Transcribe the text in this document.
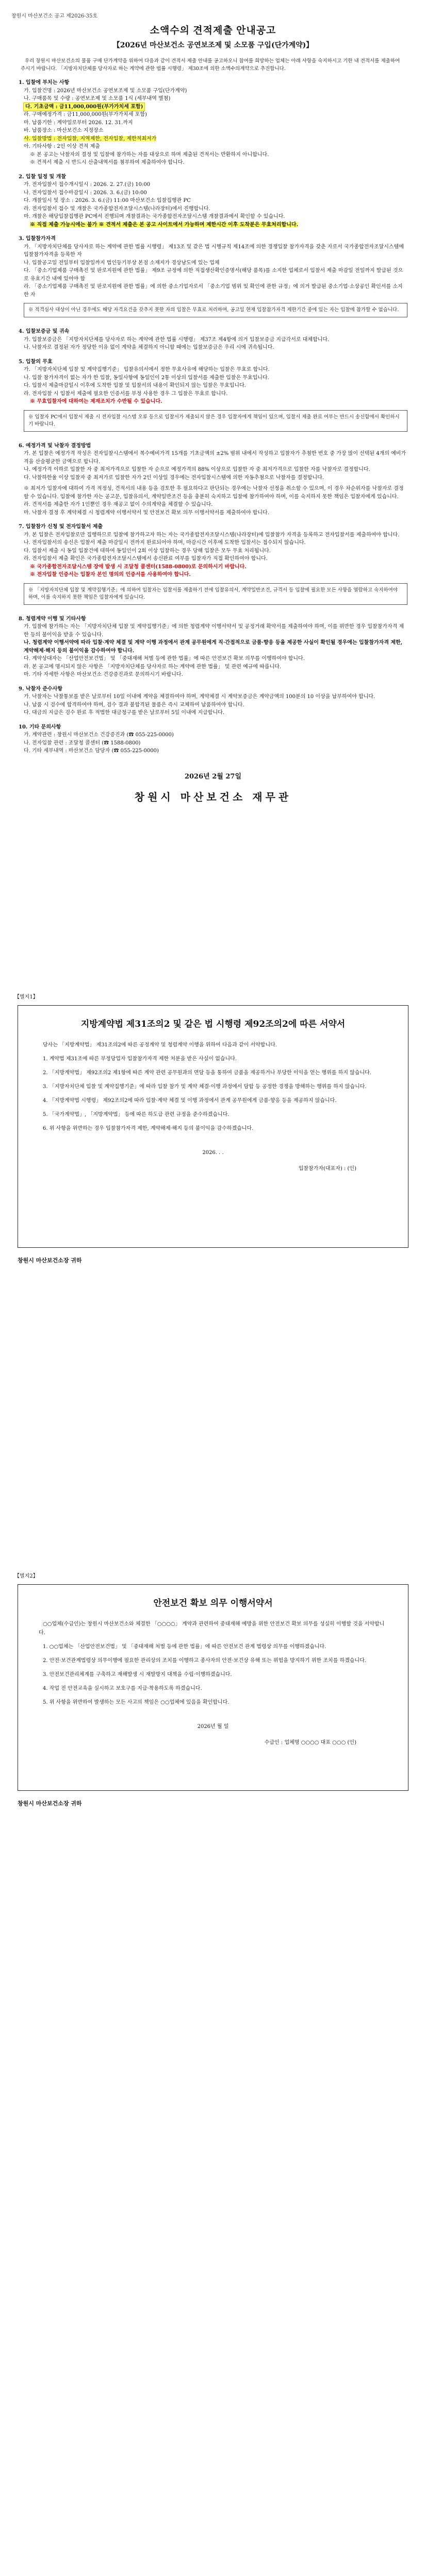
창원시 마산보건소 공고 제2026-35호
소액수의 견적제출 안내공고
【2026년 마산보건소 공연보조제 및 소모품 구입(단가계약)】
우리 창원시 마산보건소의 물품 구매 단가계약을 위하여 다음과 같이 견적서 제출 안내를 공고하오니 참여를 희망하는 업체는 아래 사항을 숙지하시고 기한 내 견적서를 제출하여 주시기 바랍니다. 「지방자치단체를 당사자로 하는 계약에 관한 법률 시행령」 제30조에 의한 소액수의계약으로 추진합니다.
1. 입찰에 부치는 사항
가. 입찰건명 : 2026년 마산보건소 공연보조제 및 소모품 구입(단가계약)
나. 구매품목 및 수량 : 공연보조제 및 소모품 1식 (세부내역 별첨)
다. 기초금액 : 금11,000,000원(부가가치세 포함)
라. 구매예정가격 : 금11,000,000원(부가가치세 포함)
마. 납품기한 : 계약일로부터 2026. 12. 31.까지
바. 납품장소 : 마산보건소 지정장소
사. 입찰방법 : 전자입찰, 지역제한, 전자입찰, 제한적최저가
아. 기타사항 : 2인 이상 견적 제출
※ 본 공고는 낙찰자의 결정 및 입찰에 참가하는 자를 대상으로 하며 제출된 견적서는 반환하지 아니합니다.
※ 견적서 제출 시 반드시 산출내역서를 첨부하여 제출하여야 합니다.
2. 입찰 일정 및 개찰
가. 전자입찰서 접수개시일시 : 2026. 2. 27.(금) 10:00
나. 전자입찰서 접수마감일시 : 2026. 3. 6.(금) 10:00
다. 개찰일시 및 장소 : 2026. 3. 6.(금) 11:00 마산보건소 입찰집행관 PC
라. 전자입찰서 접수 및 개찰은 국가종합전자조달시스템(나라장터)에서 진행합니다.
마. 개찰은 해당입찰집행관 PC에서 진행되며 개찰결과는 국가종합전자조달시스템 개찰결과에서 확인할 수 있습니다.
※ 직접 제출 가능시에는 불가 ※ 견적서 제출은 본 공고 사이트에서 가능하며 제한시간 이후 도착분은 무효처리합니다.
3. 입찰참가자격
가. 「지방자치단체를 당사자로 하는 계약에 관한 법률 시행령」 제13조 및 같은 법 시행규칙 제14조에 의한 경쟁입찰 참가자격을 갖춘 자로서 국가종합전자조달시스템에 입찰참가자격을 등록한 자
나. 입찰공고일 전일부터 입찰일까지 법인등기부상 본점 소재지가 경상남도에 있는 업체
다. 「중소기업제품 구매촉진 및 판로지원에 관한 법률」 제9조 규정에 의한 직접생산확인증명서(해당 품목)를 소지한 업체로서 입찰서 제출 마감일 전일까지 발급된 것으로 유효기간 내에 있어야 함
라. 「중소기업제품 구매촉진 및 판로지원에 관한 법률」에 의한 중소기업자로서 「중소기업 범위 및 확인에 관한 규정」에 의거 발급된 중소기업·소상공인 확인서를 소지한 자
※ 적격심사 대상이 아닌 경우에도 해당 자격요건을 갖추지 못한 자의 입찰은 무효로 처리하며, 공고일 현재 입찰참가자격 제한기간 중에 있는 자는 입찰에 참가할 수 없습니다.
4. 입찰보증금 및 귀속
가. 입찰보증금은 「지방자치단체를 당사자로 하는 계약에 관한 법률 시행령」 제37조 제4항에 의거 입찰보증금 지급각서로 대체합니다.
나. 낙찰자로 결정된 자가 정당한 이유 없이 계약을 체결하지 아니할 때에는 입찰보증금은 우리 시에 귀속됩니다.
5. 입찰의 무효
가. 「지방자치단체 입찰 및 계약집행기준」 입찰유의서에서 정한 무효사유에 해당하는 입찰은 무효로 합니다.
나. 입찰 참가자격이 없는 자가 한 입찰, 동일사항에 동일인이 2통 이상의 입찰서를 제출한 입찰은 무효입니다.
다. 입찰서 제출마감일시 이후에 도착한 입찰 및 입찰서의 내용이 확인되지 않는 입찰은 무효입니다.
라. 전자입찰 시 입찰서 제출에 필요한 인증서를 부정 사용한 경우 그 입찰은 무효로 합니다.
※ 무효입찰자에 대하여는 제재조치가 수반될 수 있습니다.
※ 입찰자 PC에서 입찰서 제출 시 전자입찰 시스템 오류 등으로 입찰서가 제출되지 않은 경우 입찰자에게 책임이 있으며, 입찰서 제출 완료 여부는 반드시 송신함에서 확인하시기 바랍니다.
6. 예정가격 및 낙찰자 결정방법
가. 본 입찰은 예정가격 작성은 전자입찰시스템에서 복수예비가격 15개를 기초금액의 ±2% 범위 내에서 작성하고 입찰자가 추첨한 번호 중 가장 많이 선택된 4개의 예비가격을 산술평균한 금액으로 합니다.
나. 예정가격 이하로 입찰한 자 중 최저가격으로 입찰한 자 순으로 예정가격의 88% 이상으로 입찰한 자 중 최저가격으로 입찰한 자를 낙찰자로 결정합니다.
다. 낙찰하한율 이상 입찰자 중 최저가로 입찰한 자가 2인 이상일 경우에는 전자입찰시스템에 의한 자동추첨으로 낙찰자를 결정합니다.
※ 최저가 입찰자에 대하여 가격 적정성, 견적서의 내용 등을 검토한 후 필요하다고 판단되는 경우에는 낙찰자 선정을 취소할 수 있으며, 이 경우 차순위자를 낙찰자로 결정할 수 있습니다. 입찰에 참가한 자는 공고문, 입찰유의서, 계약일반조건 등을 충분히 숙지하고 입찰에 참가하여야 하며, 이를 숙지하지 못한 책임은 입찰자에게 있습니다.
라. 견적서를 제출한 자가 1인뿐인 경우 재공고 없이 수의계약을 체결할 수 있습니다.
마. 낙찰자 결정 후 계약체결 시 청렴계약 이행서약서 및 안전보건 확보 의무 이행서약서를 제출하여야 합니다.
7. 입찰참가 신청 및 전자입찰서 제출
가. 본 입찰은 전자입찰로만 집행하므로 입찰에 참가하고자 하는 자는 국가종합전자조달시스템(나라장터)에 입찰참가 자격을 등록하고 전자입찰서를 제출하여야 합니다.
나. 전자입찰서의 송신은 입찰서 제출 마감일시 전까지 완료되어야 하며, 마감시간 이후에 도착한 입찰서는 접수되지 않습니다.
다. 입찰서 제출 시 동일 입찰건에 대하여 동일인이 2회 이상 입찰하는 경우 당해 입찰은 모두 무효 처리됩니다.
라. 전자입찰서 제출 확인은 국가종합전자조달시스템에서 송신완료 여부를 입찰자가 직접 확인하여야 합니다.
※ 국가종합전자조달시스템 장애 발생 시 조달청 콜센터(1588-0800)로 문의하시기 바랍니다.
※ 전자입찰 인증서는 입찰자 본인 명의의 인증서를 사용하여야 합니다.
※ 「지방자치단체 입찰 및 계약집행기준」에 의하여 입찰자는 입찰서를 제출하기 전에 입찰유의서, 계약일반조건, 규격서 등 입찰에 필요한 모든 사항을 열람하고 숙지하여야 하며, 이를 숙지하지 못한 책임은 입찰자에게 있습니다.
8. 청렴계약 이행 및 기타사항
가. 입찰에 참가하는 자는 「지방자치단체 입찰 및 계약집행기준」에 의한 청렴계약 이행서약서 및 공정거래 확약서를 제출하여야 하며, 이를 위반한 경우 입찰참가자격 제한 등의 불이익을 받을 수 있습니다.
나. 청렴계약 이행서약에 따라 입찰·계약 체결 및 계약 이행 과정에서 관계 공무원에게 직·간접적으로 금품·향응 등을 제공한 사실이 확인될 경우에는 입찰참가자격 제한, 계약해제·해지 등의 불이익을 감수하여야 합니다.
다. 계약상대자는 「산업안전보건법」 및 「중대재해 처벌 등에 관한 법률」에 따른 안전보건 확보 의무를 이행하여야 합니다.
라. 본 공고에 명시되지 않은 사항은 「지방자치단체를 당사자로 하는 계약에 관한 법률」 및 관련 예규에 따릅니다.
마. 기타 자세한 사항은 마산보건소 건강증진과로 문의하시기 바랍니다.
9. 낙찰자 준수사항
가. 낙찰자는 낙찰통보를 받은 날로부터 10일 이내에 계약을 체결하여야 하며, 계약체결 시 계약보증금은 계약금액의 100분의 10 이상을 납부하여야 합니다.
나. 납품 시 검수에 합격하여야 하며, 검수 결과 불합격된 물품은 즉시 교체하여 납품하여야 합니다.
다. 대금의 지급은 검수 완료 후 적법한 대금청구를 받은 날로부터 5일 이내에 지급합니다.
10. 기타 문의사항
가. 계약관련 : 창원시 마산보건소 건강증진과 (☎ 055-225-0000)
나. 전자입찰 관련 : 조달청 콜센터 (☎ 1588-0800)
다. 기타 세부내역 : 마산보건소 담당자 (☎ 055-225-0000)
2026년 2월 27일
창원시 마산보건소 재무관
【별지1】
지방계약법 제31조의2 및 같은 법 시행령 제92조의2에 따른 서약서

당사는 「지방계약법」 제31조의2에 따른 공정계약 및 청렴계약 이행을 위하여 다음과 같이 서약합니다.

1. 계약법 제31조에 따른 부정당업자 입찰참가자격 제한 처분을 받은 사실이 없습니다.

2. 「지방계약법」 제92조의2 제1항에 따른 계약 관련 공무원과의 면담 등을 통하여 금품을 제공하거나 부당한 이익을 얻는 행위를 하지 않습니다.

3. 「지방자치단체 입찰 및 계약집행기준」에 따라 입찰 참가 및 계약 체결·이행 과정에서 담합 등 공정한 경쟁을 방해하는 행위를 하지 않습니다.

4. 「지방계약법 시행령」 제92조의2에 따라 입찰·계약 체결 및 이행 과정에서 관계 공무원에게 금품·향응 등을 제공하지 않습니다.

5. 「국가계약법」, 「지방계약법」 등에 따른 하도급 관련 규정을 준수하겠습니다.

6. 위 사항을 위반하는 경우 입찰참가자격 제한, 계약해제·해지 등의 불이익을 감수하겠습니다.

2026. . .
입찰참가자(대표자) : (인)
창원시 마산보건소장 귀하
【별지2】
안전보건 확보 의무 이행서약서

○○업체(수급인)는 창원시 마산보건소와 체결한 「○○○○」 계약과 관련하여 중대재해 예방을 위한 안전보건 확보 의무를 성실히 이행할 것을 서약합니다.

1. ○○업체는 「산업안전보건법」 및 「중대재해 처벌 등에 관한 법률」에 따른 안전보건 관계 법령상 의무를 이행하겠습니다.

2. 안전·보건관계법령상 의무이행에 필요한 관리상의 조치를 이행하고 종사자의 안전·보건상 유해 또는 위험을 방지하기 위한 조치를 하겠습니다.

3. 안전보건관리체계를 구축하고 재해발생 시 재발방지 대책을 수립·이행하겠습니다.

4. 작업 전 안전교육을 실시하고 보호구를 지급·착용하도록 하겠습니다.

5. 위 사항을 위반하여 발생하는 모든 사고의 책임은 ○○업체에 있음을 확인합니다.

2026년 월 일
수급인 : 업체명 ○○○○ 대표 ○○○ (인)
창원시 마산보건소장 귀하
